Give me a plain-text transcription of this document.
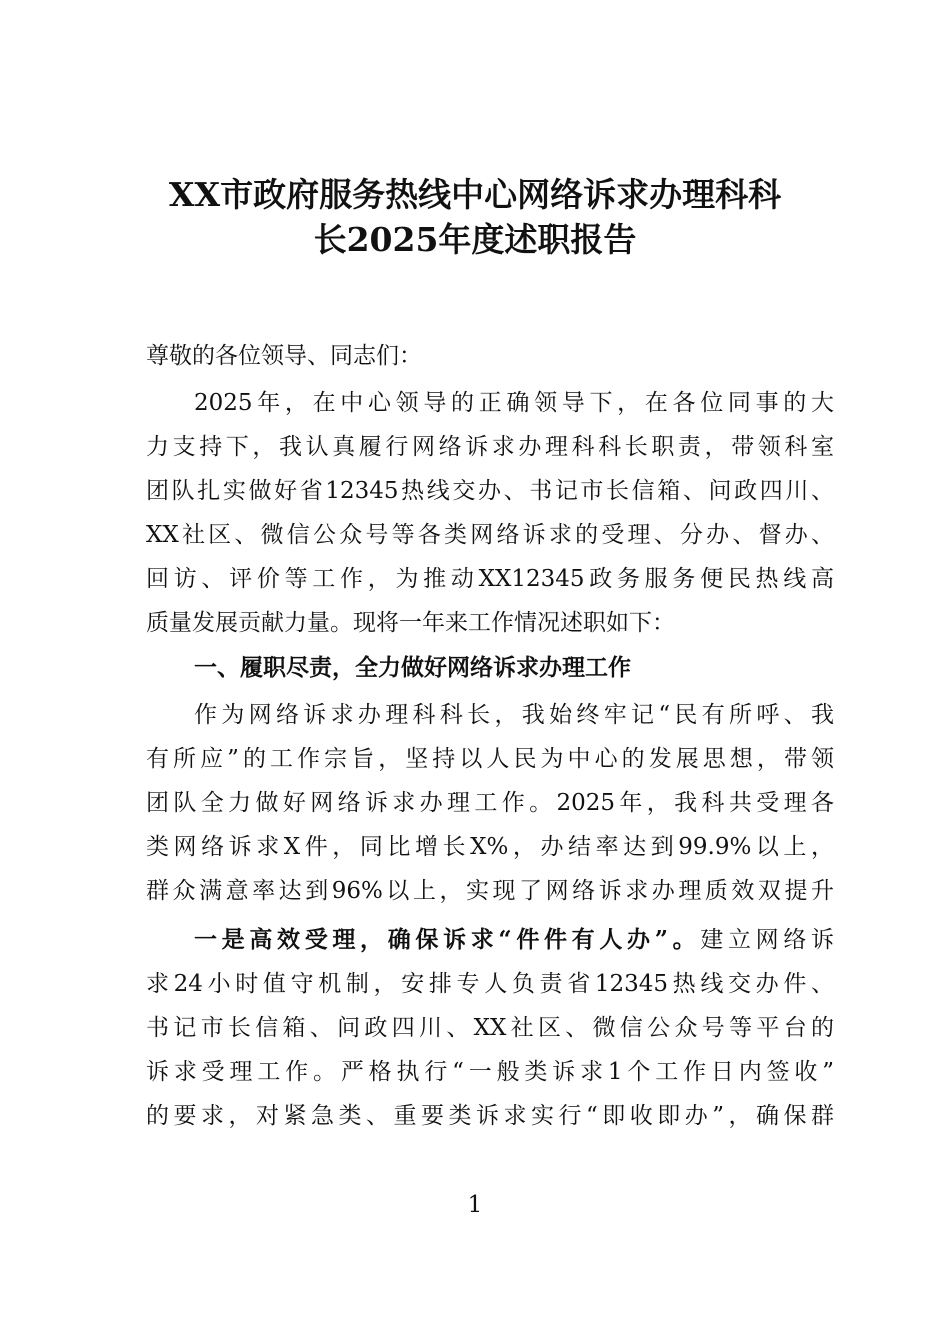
XX市政府服务热线中心网络诉求办理科科
长2025年度述职报告
尊敬的各位领导、同志们：
2025年，在中心领导的正确领导下，在各位同事的大
力支持下，我认真履行网络诉求办理科科长职责，带领科室
团队扎实做好省12345热线交办、书记市长信箱、问政四川、
XX社区、微信公众号等各类网络诉求的受理、分办、督办、
回访、评价等工作，为推动XX12345政务服务便民热线高
质量发展贡献力量。现将一年来工作情况述职如下：
一、履职尽责，全力做好网络诉求办理工作
作为网络诉求办理科科长，我始终牢记“民有所呼、我
有所应”的工作宗旨，坚持以人民为中心的发展思想，带领
团队全力做好网络诉求办理工作。2025年，我科共受理各
类网络诉求X件，同比增长X%，办结率达到99.9%以上，
群众满意率达到96%以上，实现了网络诉求办理质效双提升
一是高效受理，确保诉求“件件有人办”。建立网络诉
求24小时值守机制，安排专人负责省12345热线交办件、
书记市长信箱、问政四川、XX社区、微信公众号等平台的
诉求受理工作。严格执行“一般类诉求1个工作日内签收”
的要求，对紧急类、重要类诉求实行“即收即办”，确保群
1
